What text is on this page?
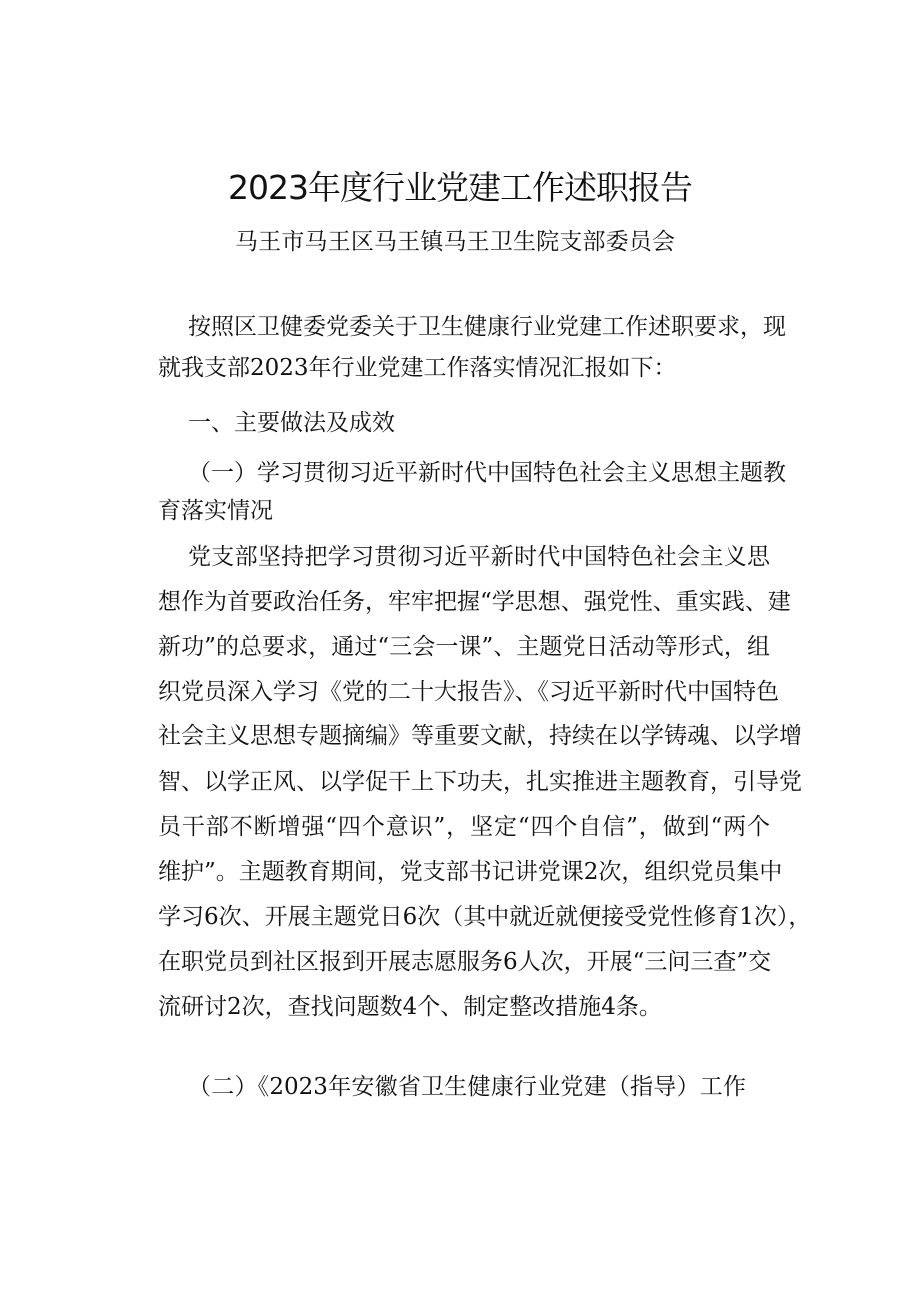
2023年度行业党建工作述职报告
马王市马王区马王镇马王卫生院支部委员会
按照区卫健委党委关于卫生健康行业党建工作述职要求，现
就我支部2023年行业党建工作落实情况汇报如下：
一、主要做法及成效
（一）学习贯彻习近平新时代中国特色社会主义思想主题教
育落实情况
党支部坚持把学习贯彻习近平新时代中国特色社会主义思
想作为首要政治任务，牢牢把握“学思想、强党性、重实践、建
新功”的总要求，通过“三会一课”、主题党日活动等形式，组
织党员深入学习《党的二十大报告》、《习近平新时代中国特色
社会主义思想专题摘编》等重要文献，持续在以学铸魂、以学增
智、以学正风、以学促干上下功夫，扎实推进主题教育，引导党
员干部不断增强“四个意识”，坚定“四个自信”，做到“两个
维护”。主题教育期间，党支部书记讲党课2次，组织党员集中
学习6次、开展主题党日6次（其中就近就便接受党性修育1次），
在职党员到社区报到开展志愿服务6人次，开展“三问三查”交
流研讨2次，查找问题数4个、制定整改措施4条。
（二）《2023年安徽省卫生健康行业党建（指导）工作
